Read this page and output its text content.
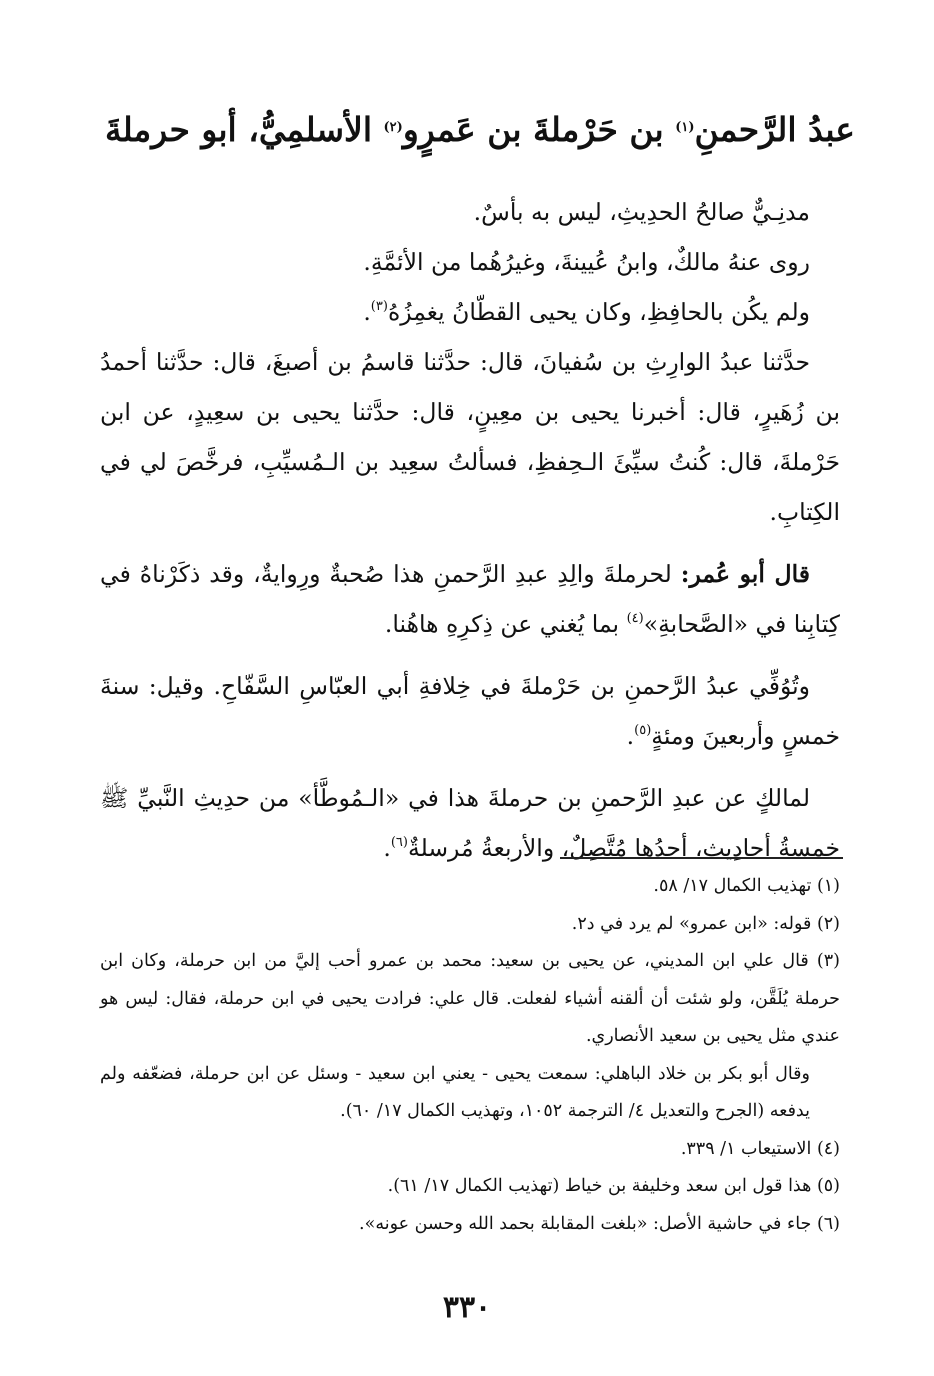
عبدُ الرَّحمنِ$^{(١)}$ بن حَرْملةَ بن عَمرٍو$^{(٢)}$ الأسلمِيُّ، أبو حرملةَ

مدنِـيٌّ صالحُ الحدِيثِ، ليس به بأسٌ.

روى عنهُ مالكٌ، وابنُ عُيينةَ، وغيرُهُما من الأئمَّةِ.

ولم يكُن بالحافِظِ، وكان يحيى القطّانُ يغمِزُهُ$^{(٣)}$.

حدَّثنا عبدُ الوارِثِ بن سُفيانَ، قال: حدَّثنا قاسمُ بن أصبغَ، قال: حدَّثنا أحمدُ بن زُهَيرٍ، قال: أخبرنا يحيى بن معِينٍ، قال: حدَّثنا يحيى بن سعِيدٍ، عن ابن حَرْملةَ، قال: كُنتُ سيِّئَ الـحِفظِ، فسألتُ سعِيد بن الـمُسيِّبِ، فرخَّصَ لي في الكِتابِ.

قال أبو عُمر: لحرملةَ والِدِ عبدِ الرَّحمنِ هذا صُحبةٌ ورِوايةٌ، وقد ذكَرْناهُ في كِتابِنا في «الصَّحابةِ»$^{(٤)}$ بما يُغني عن ذِكرِهِ هاهُنا.

وتُوُفِّي عبدُ الرَّحمنِ بن حَرْملةَ في خِلافةِ أبي العبّاسِ السَّفّاحِ. وقيل: سنةَ خمسٍ وأربعينَ ومئةٍ$^{(٥)}$.

لمالكٍ عن عبدِ الرَّحمنِ بن حرملةَ هذا في «الـمُوطَّأ» من حدِيثِ النَّبيِّ ﷺ خمسةُ أحادِيث، أحدُها مُتَّصِلٌ، والأربعةُ مُرسلةٌ$^{(٦)}$.

(١) تهذيب الكمال ١٧/ ٥٨.

(٢) قوله: «ابن عمرو» لم يرد في د٢.

(٣) قال علي ابن المديني، عن يحيى بن سعيد: محمد بن عمرو أحب إليَّ من ابن حرملة، وكان ابن حرملة يُلَقَّن، ولو شئت أن ألقنه أشياء لفعلت. قال علي: فرادت يحيى في ابن حرملة، فقال: ليس هو عندي مثل يحيى بن سعيد الأنصاري.

وقال أبو بكر بن خلاد الباهلي: سمعت يحيى - يعني ابن سعيد - وسئل عن ابن حرملة، فضعّفه ولم يدفعه (الجرح والتعديل ٤/ الترجمة ١٠٥٢، وتهذيب الكمال ١٧/ ٦٠).

(٤) الاستيعاب ١/ ٣٣٩.

(٥) هذا قول ابن سعد وخليفة بن خياط (تهذيب الكمال ١٧/ ٦١).

(٦) جاء في حاشية الأصل: «بلغت المقابلة بحمد الله وحسن عونه».

٣٣٠
